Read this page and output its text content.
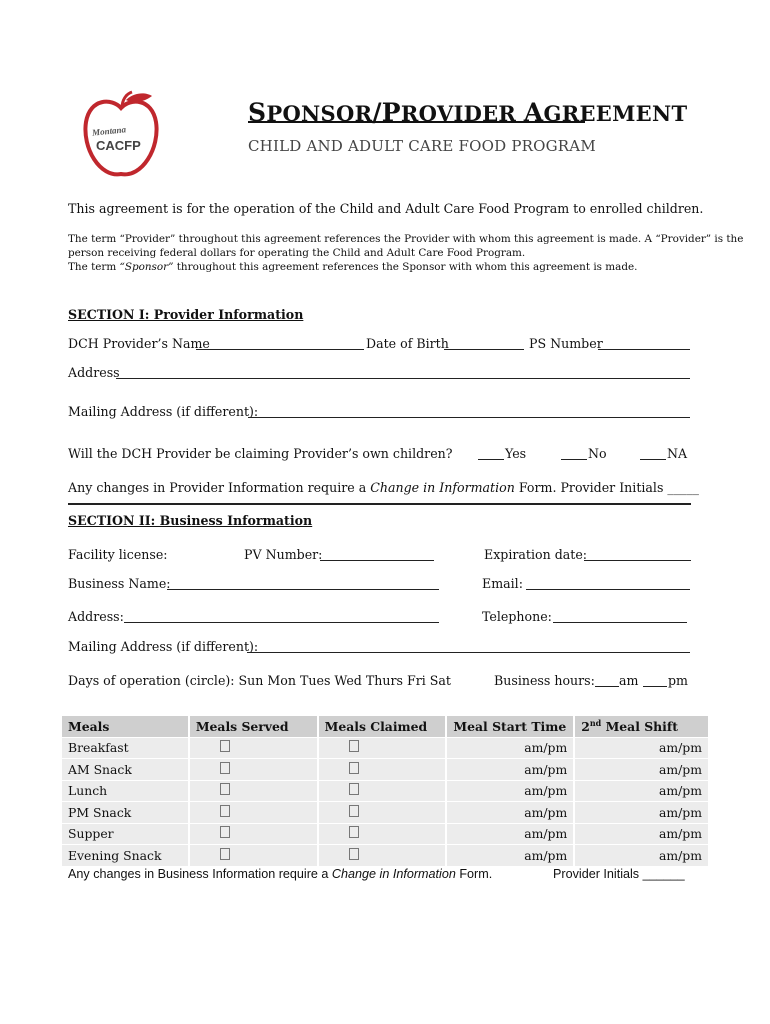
Montana
CACFP
SPONSOR/PROVIDER AGREEMENT
CHILD AND ADULT CARE FOOD PROGRAM
This agreement is for the operation of the Child and Adult Care Food Program to enrolled children.
The term “Provider” throughout this agreement references the Provider with whom this agreement is made. A “Provider” is the
person receiving federal dollars for operating the Child and Adult Care Food Program.
The term “Sponsor” throughout this agreement references the Sponsor with whom this agreement is made.
SECTION I: Provider Information
DCH Provider’s Name	Date of Birth	PS Number
Address
Mailing Address (if different):
Will the DCH Provider be claiming Provider’s own children?	Yes	No	NA
Any changes in Provider Information require a Change in Information Form. Provider Initials _____
SECTION II: Business Information
Facility license:	PV Number:	Expiration date:
Business Name:	Email:
Address:	Telephone:
Mailing Address (if different):
Days of operation (circle): Sun Mon Tues Wed Thurs Fri Sat	Business hours: am pm
Meals	Meals Served	Meals Claimed	Meal Start Time	2nd Meal Shift
Breakfast			am/pm	am/pm
AM Snack			am/pm	am/pm
Lunch			am/pm	am/pm
PM Snack			am/pm	am/pm
Supper			am/pm	am/pm
Evening Snack			am/pm	am/pm
Any changes in Business Information require a Change in Information Form.	Provider Initials ______
